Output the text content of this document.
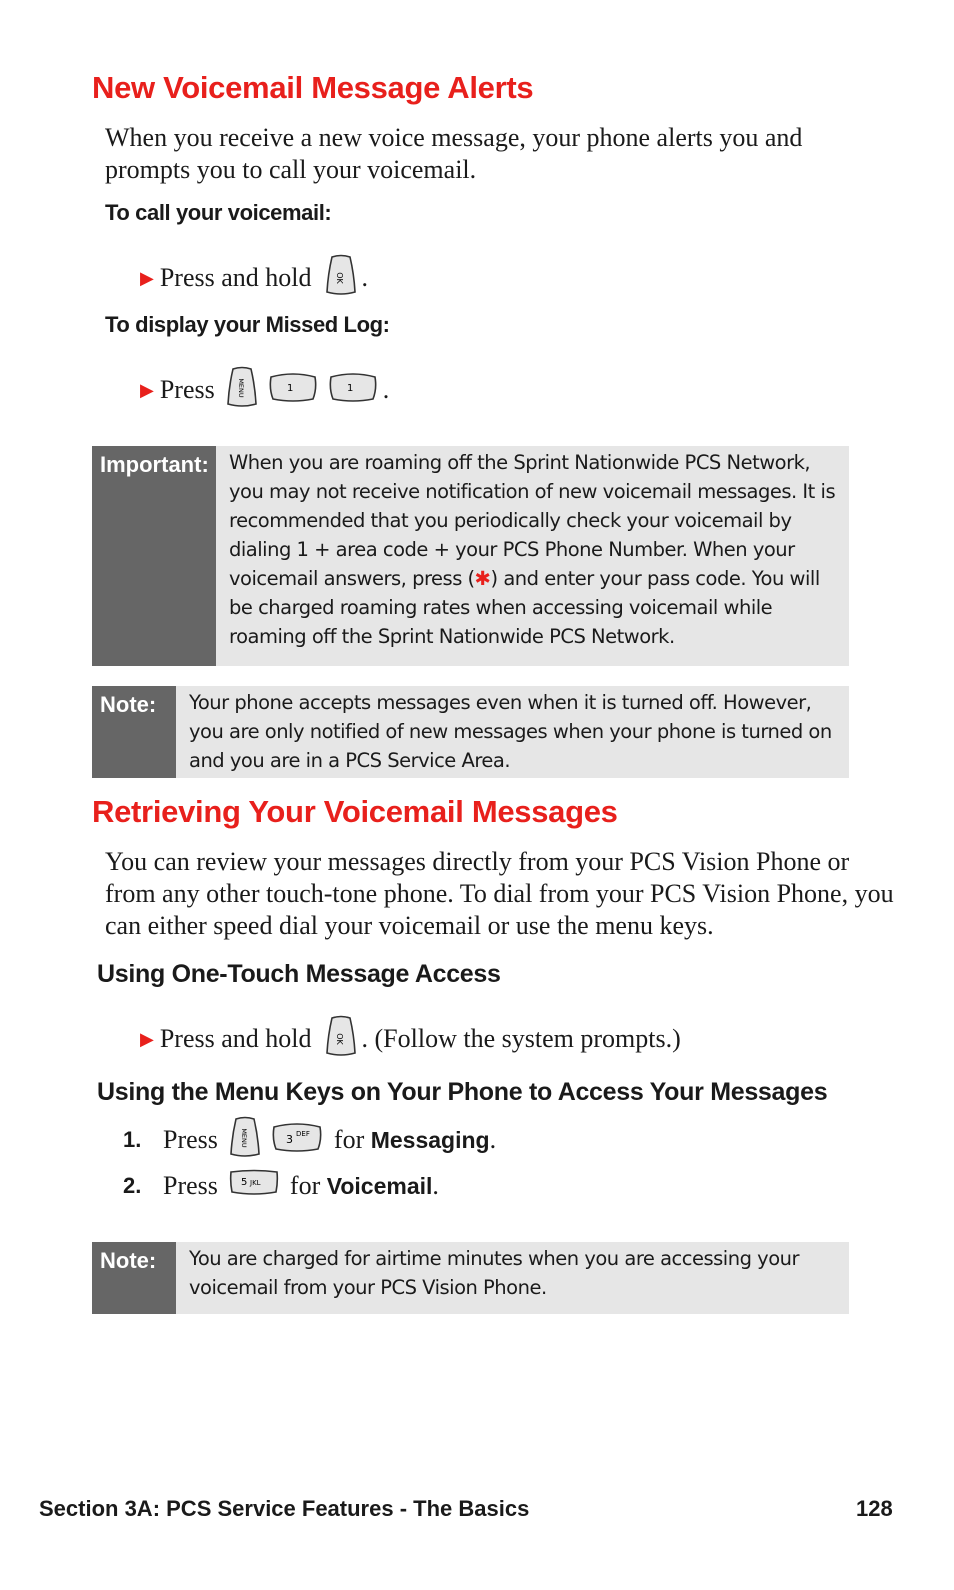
New Voicemail Message Alerts
When you receive a new voice message, your phone alerts you and prompts you to call your voicemail.
To call your voicemail:
▶ Press and hold	OK .
To display your Missed Log:
▶ Press	MENU	1	1 .
Important:	When you are roaming off the Sprint Nationwide PCS Network, you may not receive notification of new voicemail messages. It is recommended that you periodically check your voicemail by dialing 1 + area code + your PCS Phone Number. When your voicemail answers, press (✱) and enter your pass code. You will be charged roaming rates when accessing voicemail while roaming off the Sprint Nationwide PCS Network.
Note:	Your phone accepts messages even when it is turned off. However, you are only notified of new messages when your phone is turned on and you are in a PCS Service Area.
Retrieving Your Voicemail Messages
You can review your messages directly from your PCS Vision Phone or from any other touch-tone phone. To dial from your PCS Vision Phone, you can either speed dial your voicemail or use the menu keys.
Using One-Touch Message Access
▶ Press and hold	OK . (Follow the system prompts.)
Using the Menu Keys on Your Phone to Access Your Messages
1. Press	MENU	3 DEF for
Messaging .
2. Press 5 JKL for
Voicemail .
Note:	You are charged for airtime minutes when you are accessing your voicemail from your PCS Vision Phone.
Section 3A: PCS Service Features - The Basics	128
